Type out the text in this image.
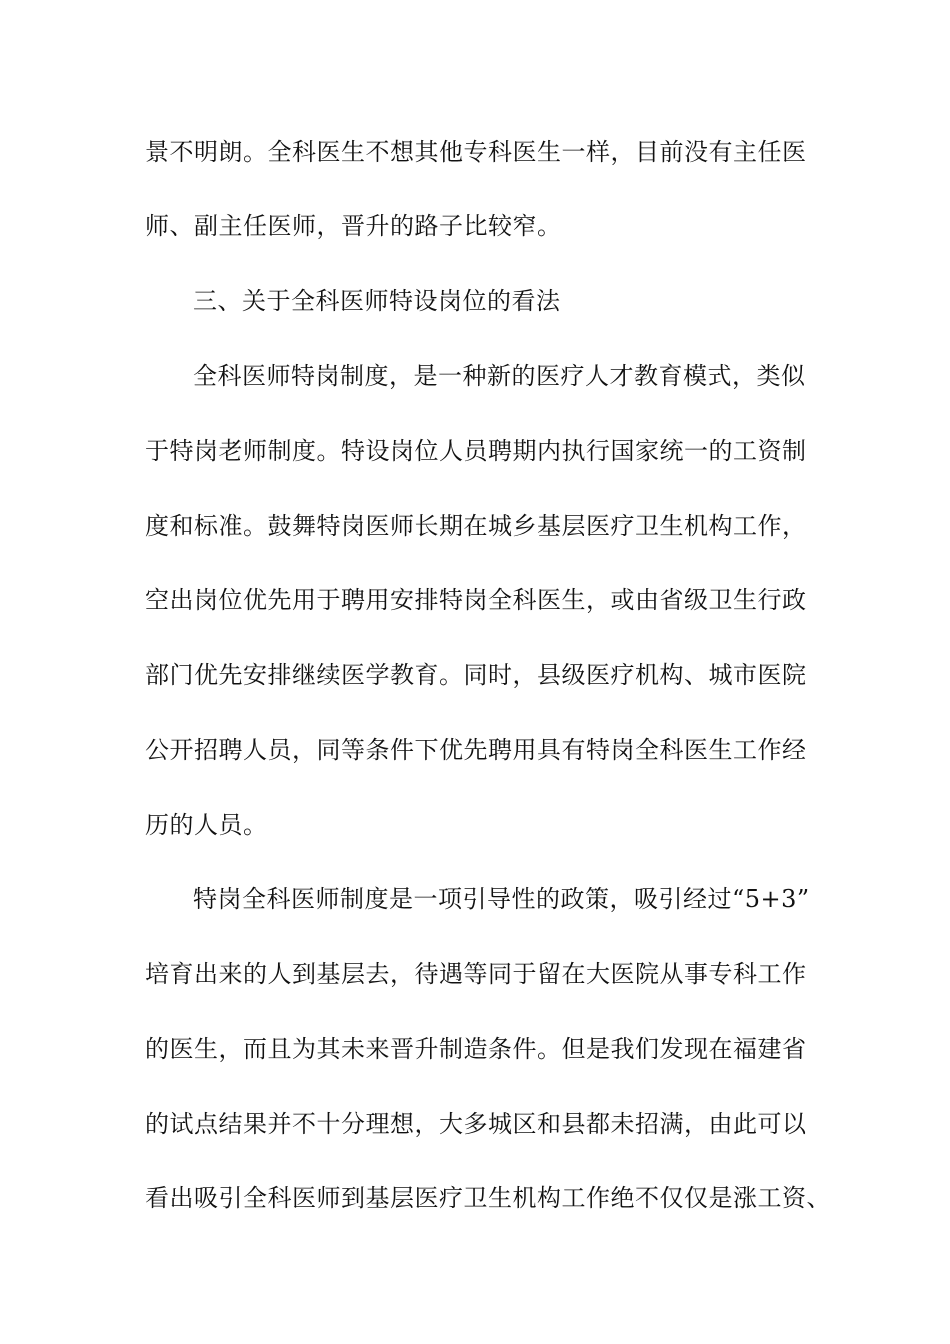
景不明朗。全科医生不想其他专科医生一样，目前没有主任医
师、副主任医师，晋升的路子比较窄。
三、关于全科医师特设岗位的看法
全科医师特岗制度，是一种新的医疗人才教育模式，类似
于特岗老师制度。特设岗位人员聘期内执行国家统一的工资制
度和标准。鼓舞特岗医师长期在城乡基层医疗卫生机构工作，
空出岗位优先用于聘用安排特岗全科医生，或由省级卫生行政
部门优先安排继续医学教育。同时，县级医疗机构、城市医院
公开招聘人员，同等条件下优先聘用具有特岗全科医生工作经
历的人员。
特岗全科医师制度是一项引导性的政策，吸引经过“5+3”
培育出来的人到基层去，待遇等同于留在大医院从事专科工作
的医生，而且为其未来晋升制造条件。但是我们发现在福建省
的试点结果并不十分理想，大多城区和县都未招满，由此可以
看出吸引全科医师到基层医疗卫生机构工作绝不仅仅是涨工资、
